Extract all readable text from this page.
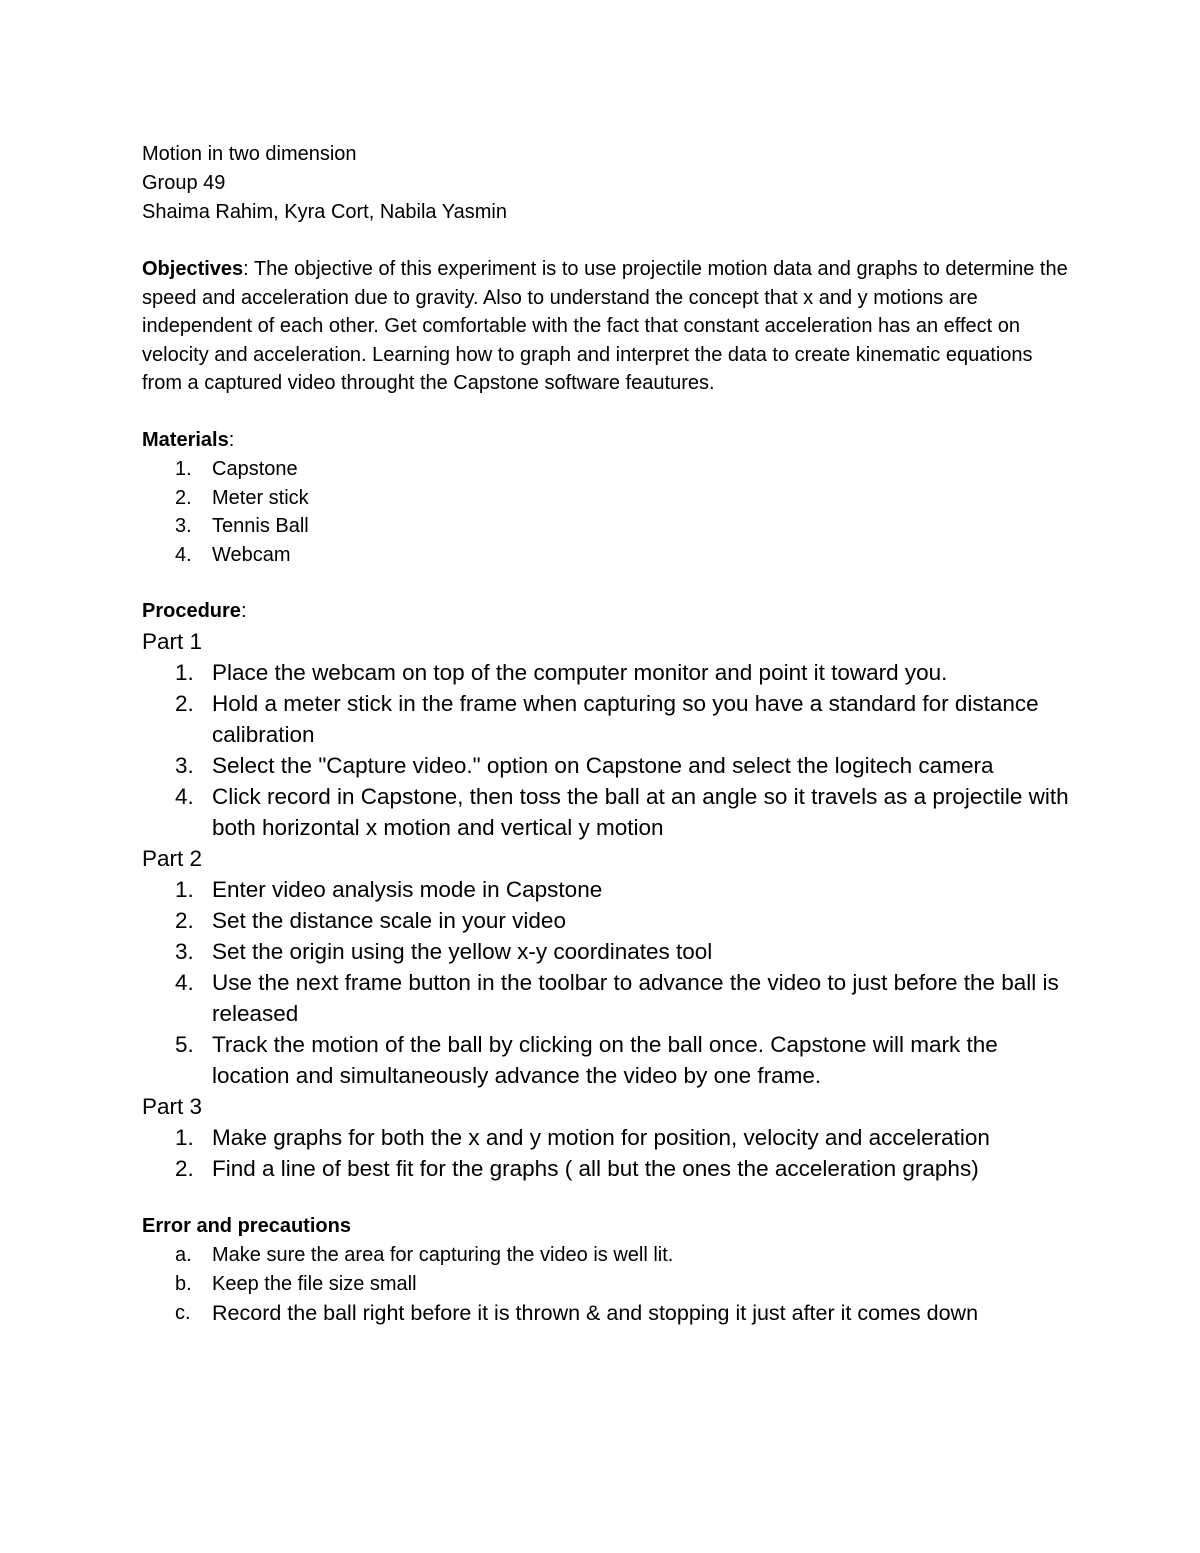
Motion in two dimension

Group 49

Shaima Rahim, Kyra Cort, Nabila Yasmin

Objectives: The objective of this experiment is to use projectile motion data and graphs to determine the speed and acceleration due to gravity. Also to understand the concept that x and y motions are independent of each other. Get comfortable with the fact that constant acceleration has an effect on velocity and acceleration. Learning how to graph and interpret the data to create kinematic equations from a captured video throught the Capstone software feautures.

Materials:

1.	Capstone
2.	Meter stick
3.	Tennis Ball
4.	Webcam

Procedure:

Part 1

1. Place the webcam on top of the computer monitor and point it toward you.
2. Hold a meter stick in the frame when capturing so you have a standard for distance calibration
3. Select the "Capture video." option on Capstone and select the logitech camera
4. Click record in Capstone, then toss the ball at an angle so it travels as a projectile with both horizontal x motion and vertical y motion

Part 2

1. Enter video analysis mode in Capstone
2. Set the distance scale in your video
3. Set the origin using the yellow x-y coordinates tool
4. Use the next frame button in the toolbar to advance the video to just before the ball is released
5. Track the motion of the ball by clicking on the ball once. Capstone will mark the location and simultaneously advance the video by one frame.

Part 3

1. Make graphs for both the x and y motion for position, velocity and acceleration
2. Find a line of best fit for the graphs ( all but the ones the acceleration graphs)

Error and precautions

a.	Make sure the area for capturing the video is well lit.
b.	Keep the file size small
c. Record the ball right before it is thrown & and stopping it just after it comes down
